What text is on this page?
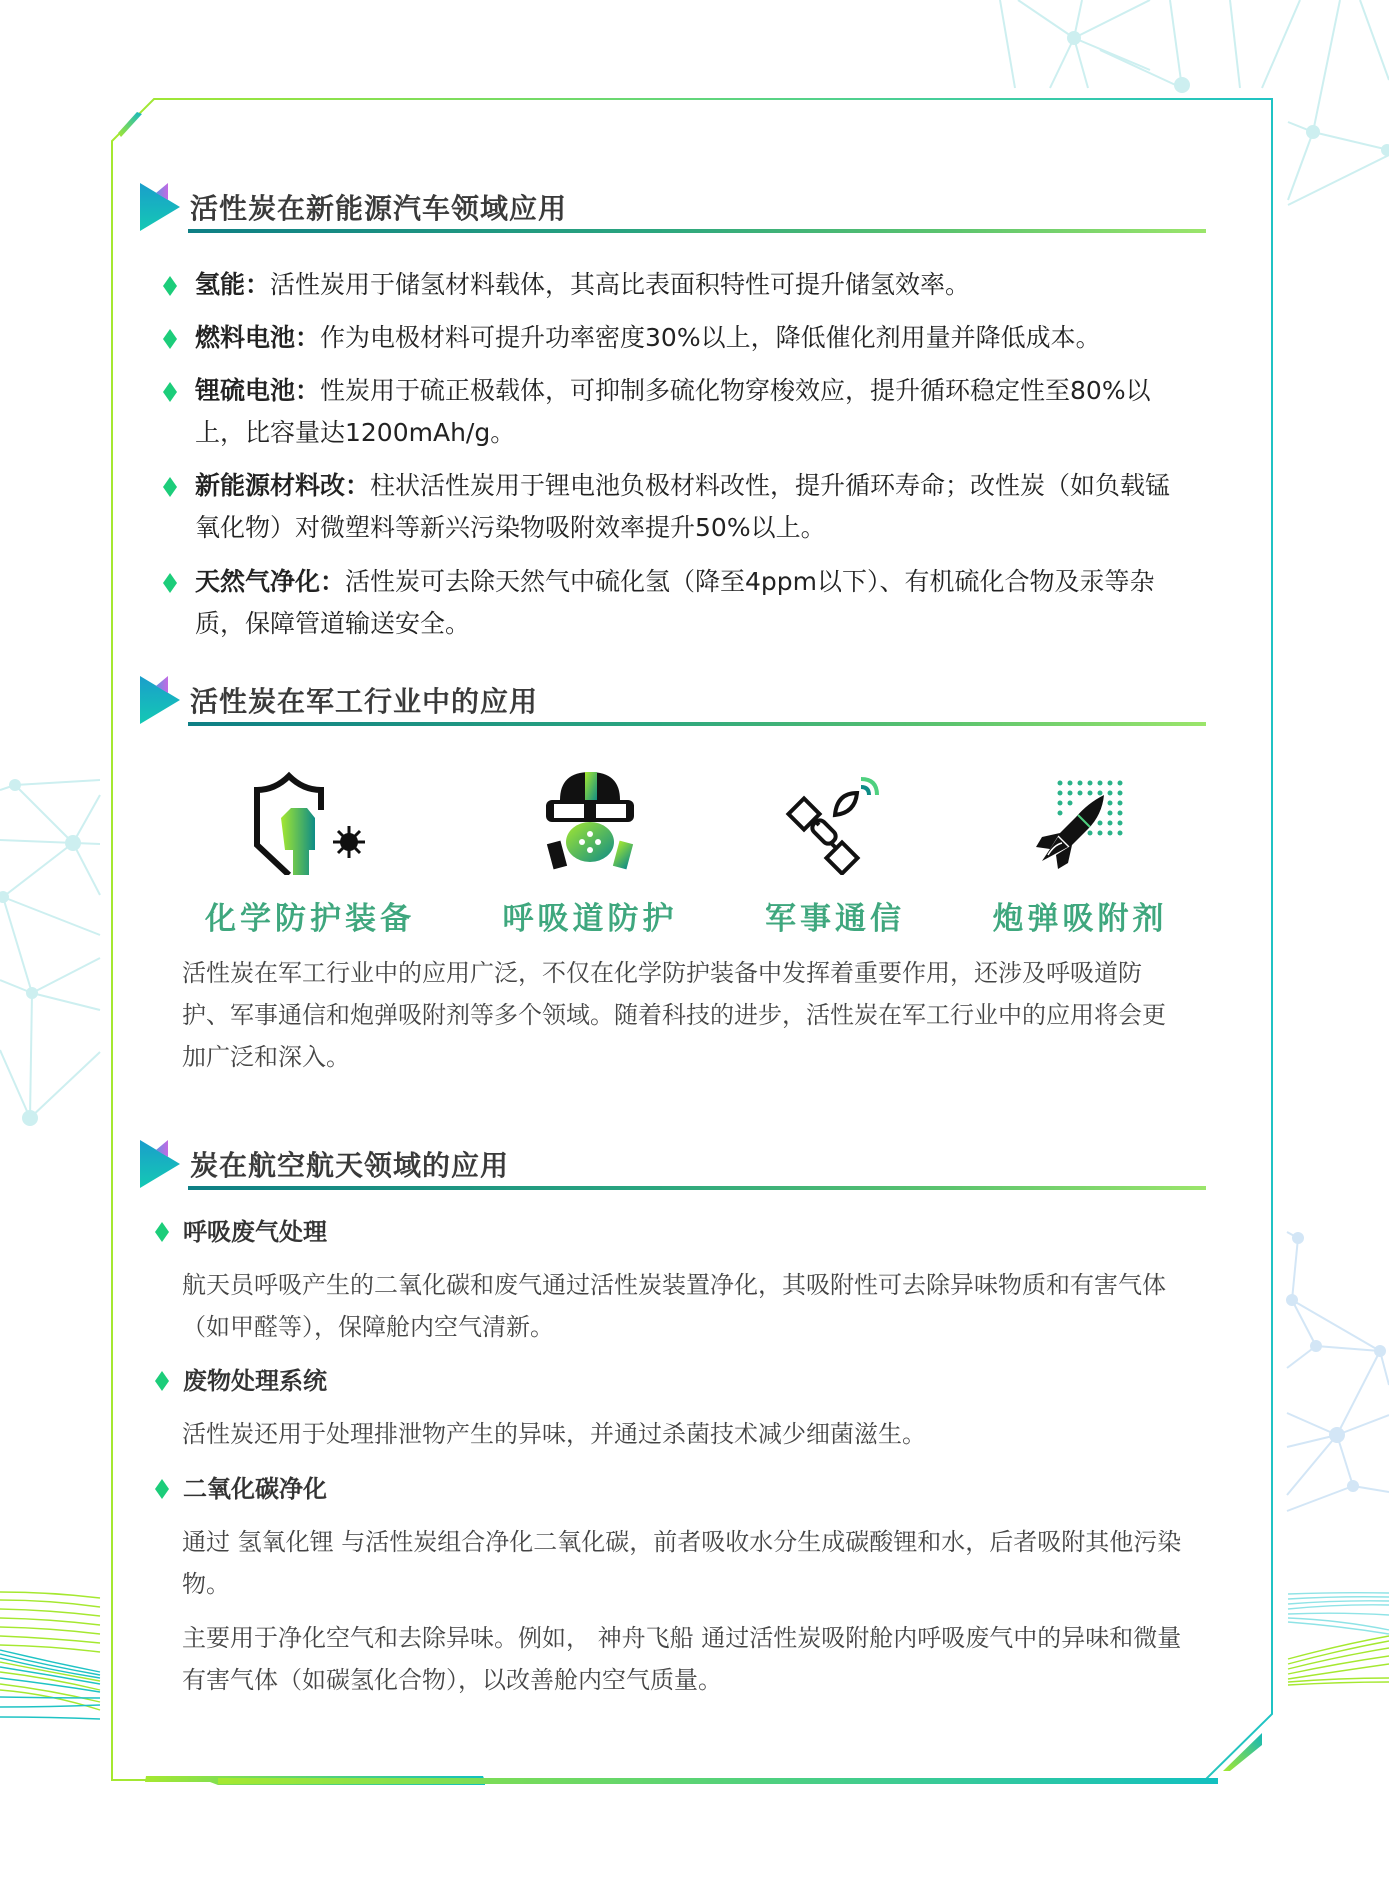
活性炭在新能源汽车领域应用
氢能：活性炭用于储氢材料载体，其高比表面积特性可提升储氢效率。
燃料电池：作为电极材料可提升功率密度30%以上，降低催化剂用量并降低成本。
锂硫电池：性炭用于硫正极载体，可抑制多硫化物穿梭效应，提升循环稳定性至80%以上，比容量达1200mAh/g。
新能源材料改：柱状活性炭用于锂电池负极材料改性，提升循环寿命；改性炭（如负载锰氧化物）对微塑料等新兴污染物吸附效率提升50%以上。
天然气净化：活性炭可去除天然气中硫化氢（降至4ppm以下）、有机硫化合物及汞等杂质，保障管道输送安全。
活性炭在军工行业中的应用
化学防护装备	呼吸道防护	军事通信	炮弹吸附剂
活性炭在军工行业中的应用广泛，不仅在化学防护装备中发挥着重要作用，还涉及呼吸道防护、军事通信和炮弹吸附剂等多个领域。随着科技的进步，活性炭在军工行业中的应用将会更加广泛和深入。
炭在航空航天领域的应用
呼吸废气处理
航天员呼吸产生的二氧化碳和废气通过活性炭装置净化，其吸附性可去除异味物质和有害气体（如甲醛等），保障舱内空气清新。
废物处理系统
活性炭还用于处理排泄物产生的异味，并通过杀菌技术减少细菌滋生。
二氧化碳净化
通过 氢氧化锂 与活性炭组合净化二氧化碳，前者吸收水分生成碳酸锂和水，后者吸附其他污染物。
主要用于净化空气和去除异味。例如， 神舟飞船 通过活性炭吸附舱内呼吸废气中的异味和微量有害气体（如碳氢化合物），以改善舱内空气质量。
